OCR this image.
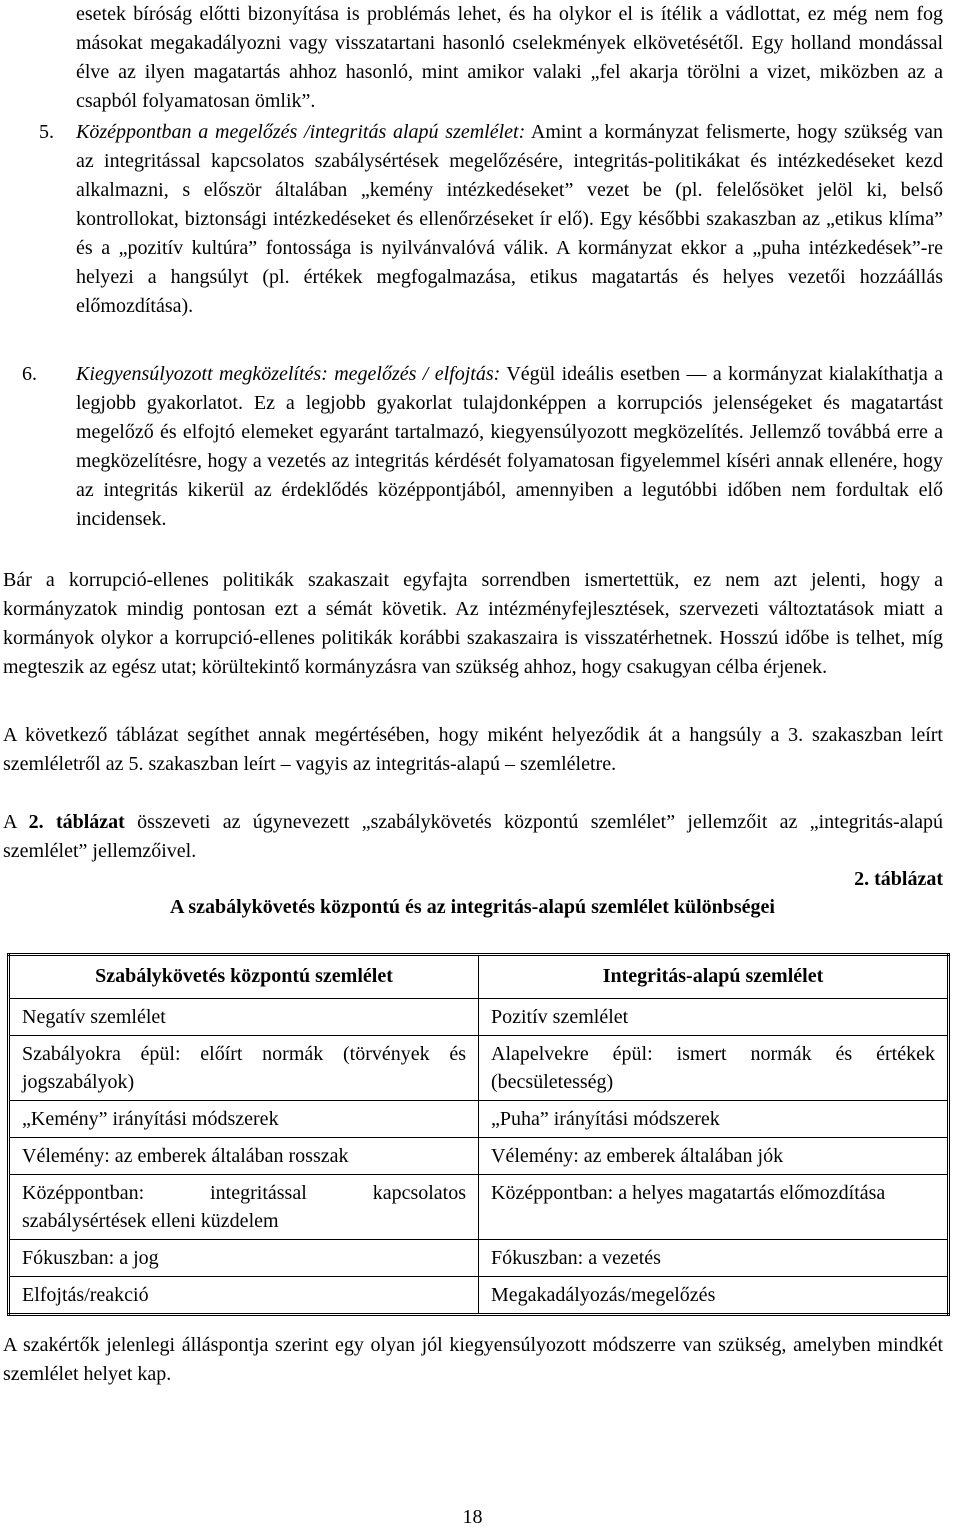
esetek bíróság előtti bizonyítása is problémás lehet, és ha olykor el is ítélik a vádlottat, ez még nem fog másokat megakadályozni vagy visszatartani hasonló cselekmények elkövetésétől. Egy holland mondással élve az ilyen magatartás ahhoz hasonló, mint amikor valaki „fel akarja törölni a vizet, miközben az a csapból folyamatosan ömlik”.

5. Középpontban a megelőzés /integritás alapú szemlélet: Amint a kormányzat felismerte, hogy szükség van az integritással kapcsolatos szabálysértések megelőzésére, integritás-politikákat és intézkedéseket kezd alkalmazni, s először általában „kemény intézkedéseket” vezet be (pl. felelősöket jelöl ki, belső kontrollokat, biztonsági intézkedéseket és ellenőrzéseket ír elő). Egy későbbi szakaszban az „etikus klíma” és a „pozitív kultúra” fontossága is nyilvánvalóvá válik. A kormányzat ekkor a „puha intézkedések”-re helyezi a hangsúlyt (pl. értékek megfogalmazása, etikus magatartás és helyes vezetői hozzáállás előmozdítása).

6. Kiegyensúlyozott megközelítés: megelőzés / elfojtás: Végül ideális esetben — a kormányzat kialakíthatja a legjobb gyakorlatot. Ez a legjobb gyakorlat tulajdonképpen a korrupciós jelenségeket és magatartást megelőző és elfojtó elemeket egyaránt tartalmazó, kiegyensúlyozott megközelítés. Jellemző továbbá erre a megközelítésre, hogy a vezetés az integritás kérdését folyamatosan figyelemmel kíséri annak ellenére, hogy az integritás kikerül az érdeklődés középpontjából, amennyiben a legutóbbi időben nem fordultak elő incidensek.

Bár a korrupció-ellenes politikák szakaszait egyfajta sorrendben ismertettük, ez nem azt jelenti, hogy a kormányzatok mindig pontosan ezt a sémát követik. Az intézményfejlesztések, szervezeti változtatások miatt a kormányok olykor a korrupció-ellenes politikák korábbi szakaszaira is visszatérhetnek. Hosszú időbe is telhet, míg megteszik az egész utat; körültekintő kormányzásra van szükség ahhoz, hogy csakugyan célba érjenek.

A következő táblázat segíthet annak megértésében, hogy miként helyeződik át a hangsúly a 3. szakaszban leírt szemléletről az 5. szakaszban leírt – vagyis az integritás-alapú – szemléletre.

A 2. táblázat összeveti az úgynevezett „szabálykövetés központú szemlélet” jellemzőit az „integritás-alapú szemlélet” jellemzőivel.

2. táblázat

A szabálykövetés központú és az integritás-alapú szemlélet különbségei

Szabálykövetés központú szemlélet	Integritás-alapú szemlélet
Negatív szemlélet	Pozitív szemlélet
Szabályokra épül: előírt normák (törvények és jogszabályok)	Alapelvekre épül: ismert normák és értékek (becsületesség)
„Kemény” irányítási módszerek	„Puha” irányítási módszerek
Vélemény: az emberek általában rosszak	Vélemény: az emberek általában jók
Középpontban: integritással kapcsolatos szabálysértések elleni küzdelem	Középpontban: a helyes magatartás előmozdítása
Fókuszban: a jog	Fókuszban: a vezetés
Elfojtás/reakció	Megakadályozás/megelőzés

A szakértők jelenlegi álláspontja szerint egy olyan jól kiegyensúlyozott módszerre van szükség, amelyben mindkét szemlélet helyet kap.

18
